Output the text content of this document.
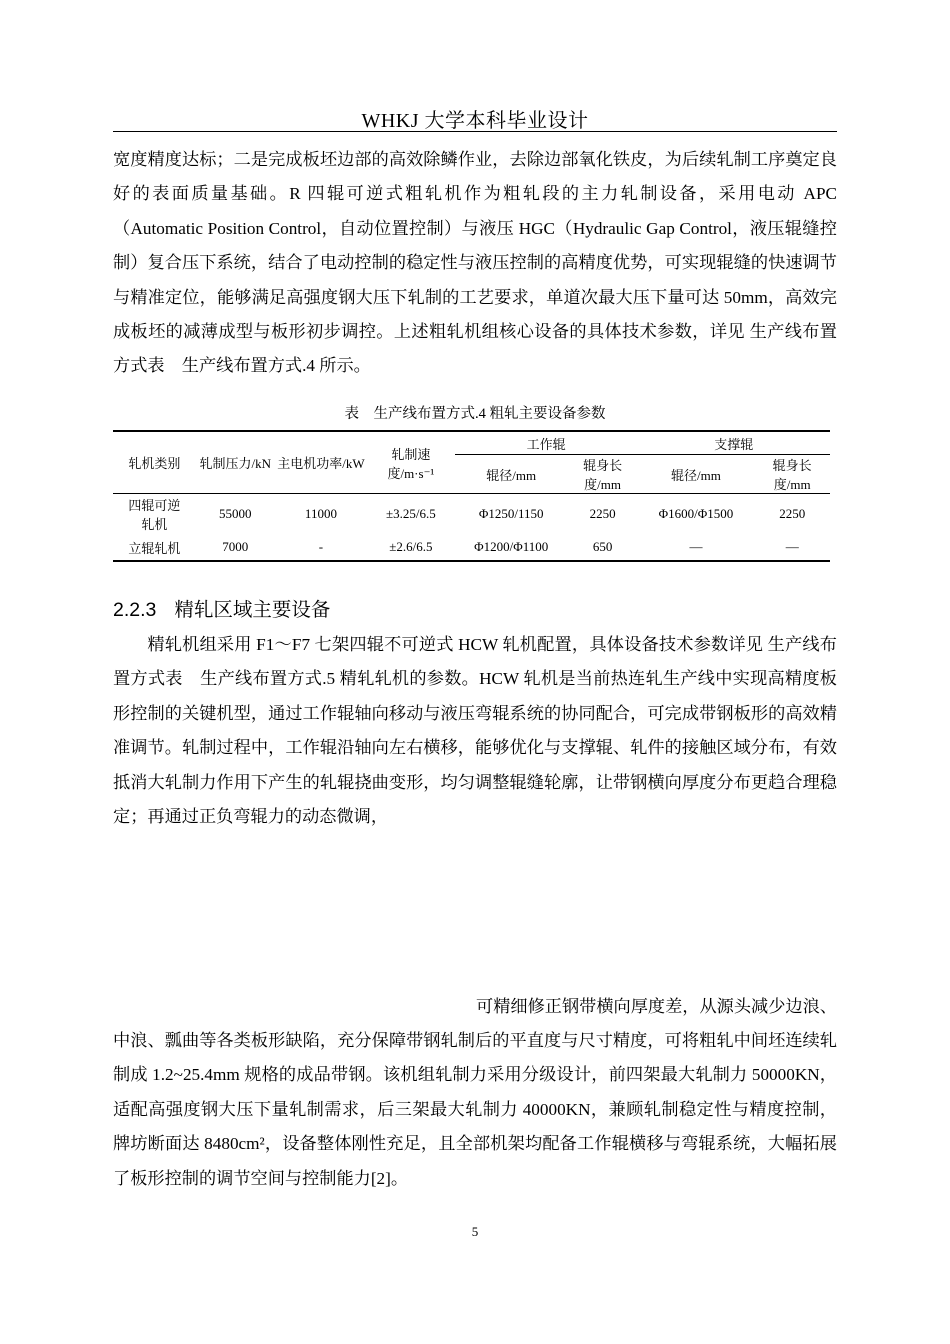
WHKJ 大学本科毕业设计
宽度精度达标；二是完成板坯边部的高效除鳞作业，去除边部氧化铁皮，为后续轧制工序奠定良好的表面质量基础。R 四辊可逆式粗轧机作为粗轧段的主力轧制设备，采用电动 APC（Automatic Position Control，自动位置控制）与液压 HGC（Hydraulic Gap Control，液压辊缝控制）复合压下系统，结合了电动控制的稳定性与液压控制的高精度优势，可实现辊缝的快速调节与精准定位，能够满足高强度钢大压下轧制的工艺要求，单道次最大压下量可达 50mm，高效完成板坯的减薄成型与板形初步调控。上述粗轧机组核心设备的具体技术参数，详见 生产线布置方式表　生产线布置方式.4 所示。
表　生产线布置方式.4 粗轧主要设备参数
轧机类别	轧制压力/kN	主电机功率/kW	轧制速度/m·s⁻¹	工作辊		支撑辊	
				辊径/mm	辊身长度/mm	辊径/mm	辊身长度/mm
四辊可逆轧机	55000	11000	±3.25/6.5	Φ1250/1150	2250	Φ1600/Φ1500	2250
立辊轧机	7000	-	±2.6/6.5	Φ1200/Φ1100	650	—	—
2.2.3 精轧区域主要设备
精轧机组采用 F1～F7 七架四辊不可逆式 HCW 轧机配置，具体设备技术参数详见 生产线布置方式表　生产线布置方式.5 精轧轧机的参数。HCW 轧机是当前热连轧生产线中实现高精度板形控制的关键机型，通过工作辊轴向移动与液压弯辊系统的协同配合，可完成带钢板形的高效精准调节。轧制过程中，工作辊沿轴向左右横移，能够优化与支撑辊、轧件的接触区域分布，有效抵消大轧制力作用下产生的轧辊挠曲变形，均匀调整辊缝轮廓，让带钢横向厚度分布更趋合理稳定；再通过正负弯辊力的动态微调，
可精细修正钢带横向厚度差，从源头减少边浪、
中浪、瓢曲等各类板形缺陷，充分保障带钢轧制后的平直度与尺寸精度，可将粗轧中间坯连续轧制成 1.2~25.4mm 规格的成品带钢。该机组轧制力采用分级设计，前四架最大轧制力 50000KN，适配高强度钢大压下量轧制需求，后三架最大轧制力 40000KN，兼顾轧制稳定性与精度控制，牌坊断面达 8480cm²，设备整体刚性充足，且全部机架均配备工作辊横移与弯辊系统，大幅拓展了板形控制的调节空间与控制能力[2]。
5
